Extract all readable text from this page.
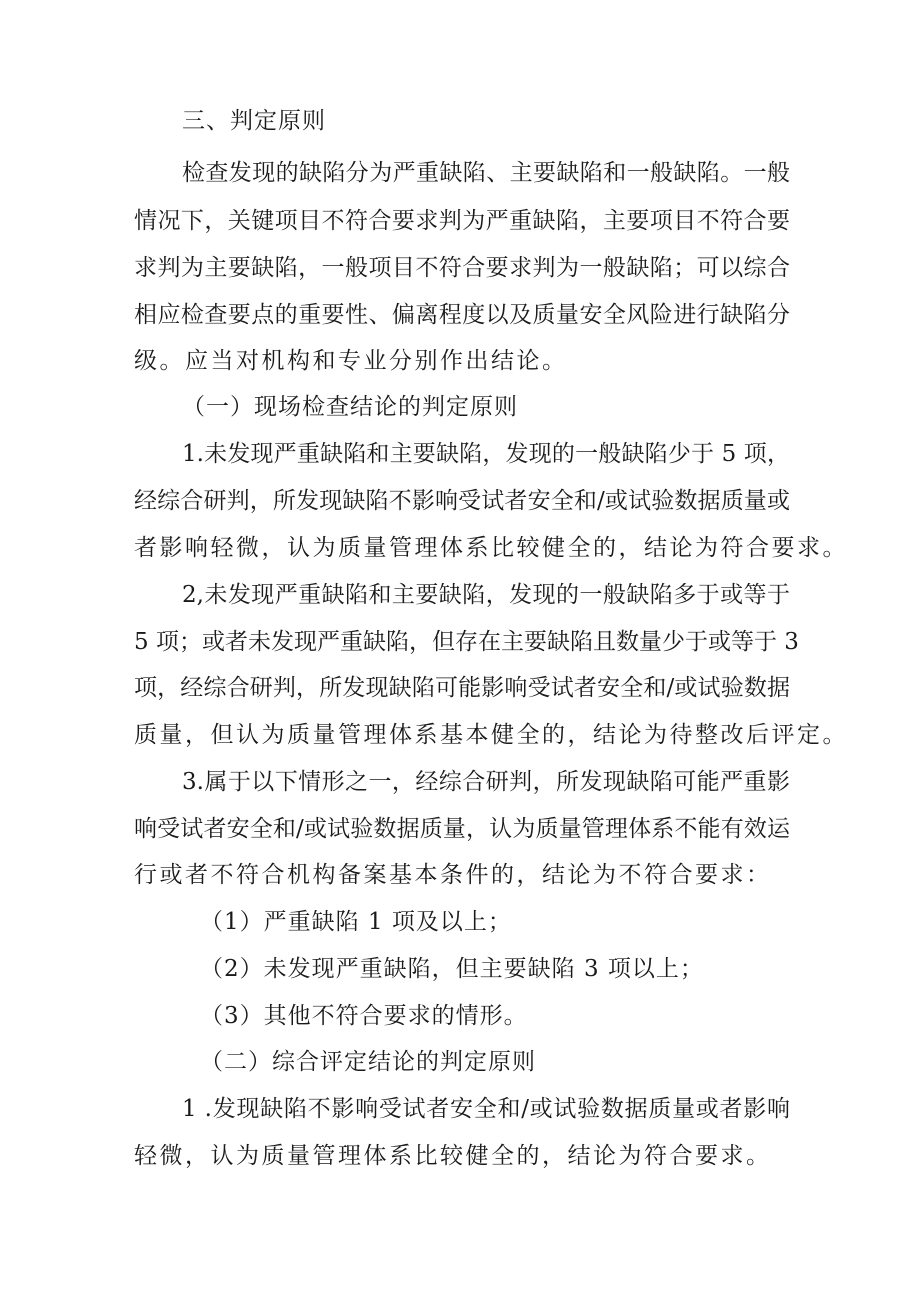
三、判定原则
检查发现的缺陷分为严重缺陷、主要缺陷和一般缺陷。一般
情况下，关键项目不符合要求判为严重缺陷，主要项目不符合要
求判为主要缺陷，一般项目不符合要求判为一般缺陷；可以综合
相应检查要点的重要性、偏离程度以及质量安全风险进行缺陷分
级。应当对机构和专业分别作出结论。
（一）现场检查结论的判定原则
1.未发现严重缺陷和主要缺陷，发现的一般缺陷少于 5 项，
经综合研判，所发现缺陷不影响受试者安全和/或试验数据质量或
者影响轻微，认为质量管理体系比较健全的，结论为符合要求。
2,未发现严重缺陷和主要缺陷，发现的一般缺陷多于或等于
5 项；或者未发现严重缺陷，但存在主要缺陷且数量少于或等于 3
项，经综合研判，所发现缺陷可能影响受试者安全和/或试验数据
质量，但认为质量管理体系基本健全的，结论为待整改后评定。
3.属于以下情形之一，经综合研判，所发现缺陷可能严重影
响受试者安全和/或试验数据质量，认为质量管理体系不能有效运
行或者不符合机构备案基本条件的，结论为不符合要求：
（1）严重缺陷 1 项及以上；
（2）未发现严重缺陷，但主要缺陷 3 项以上；
（3）其他不符合要求的情形。
（二）综合评定结论的判定原则
1 .发现缺陷不影响受试者安全和/或试验数据质量或者影响
轻微，认为质量管理体系比较健全的，结论为符合要求。
